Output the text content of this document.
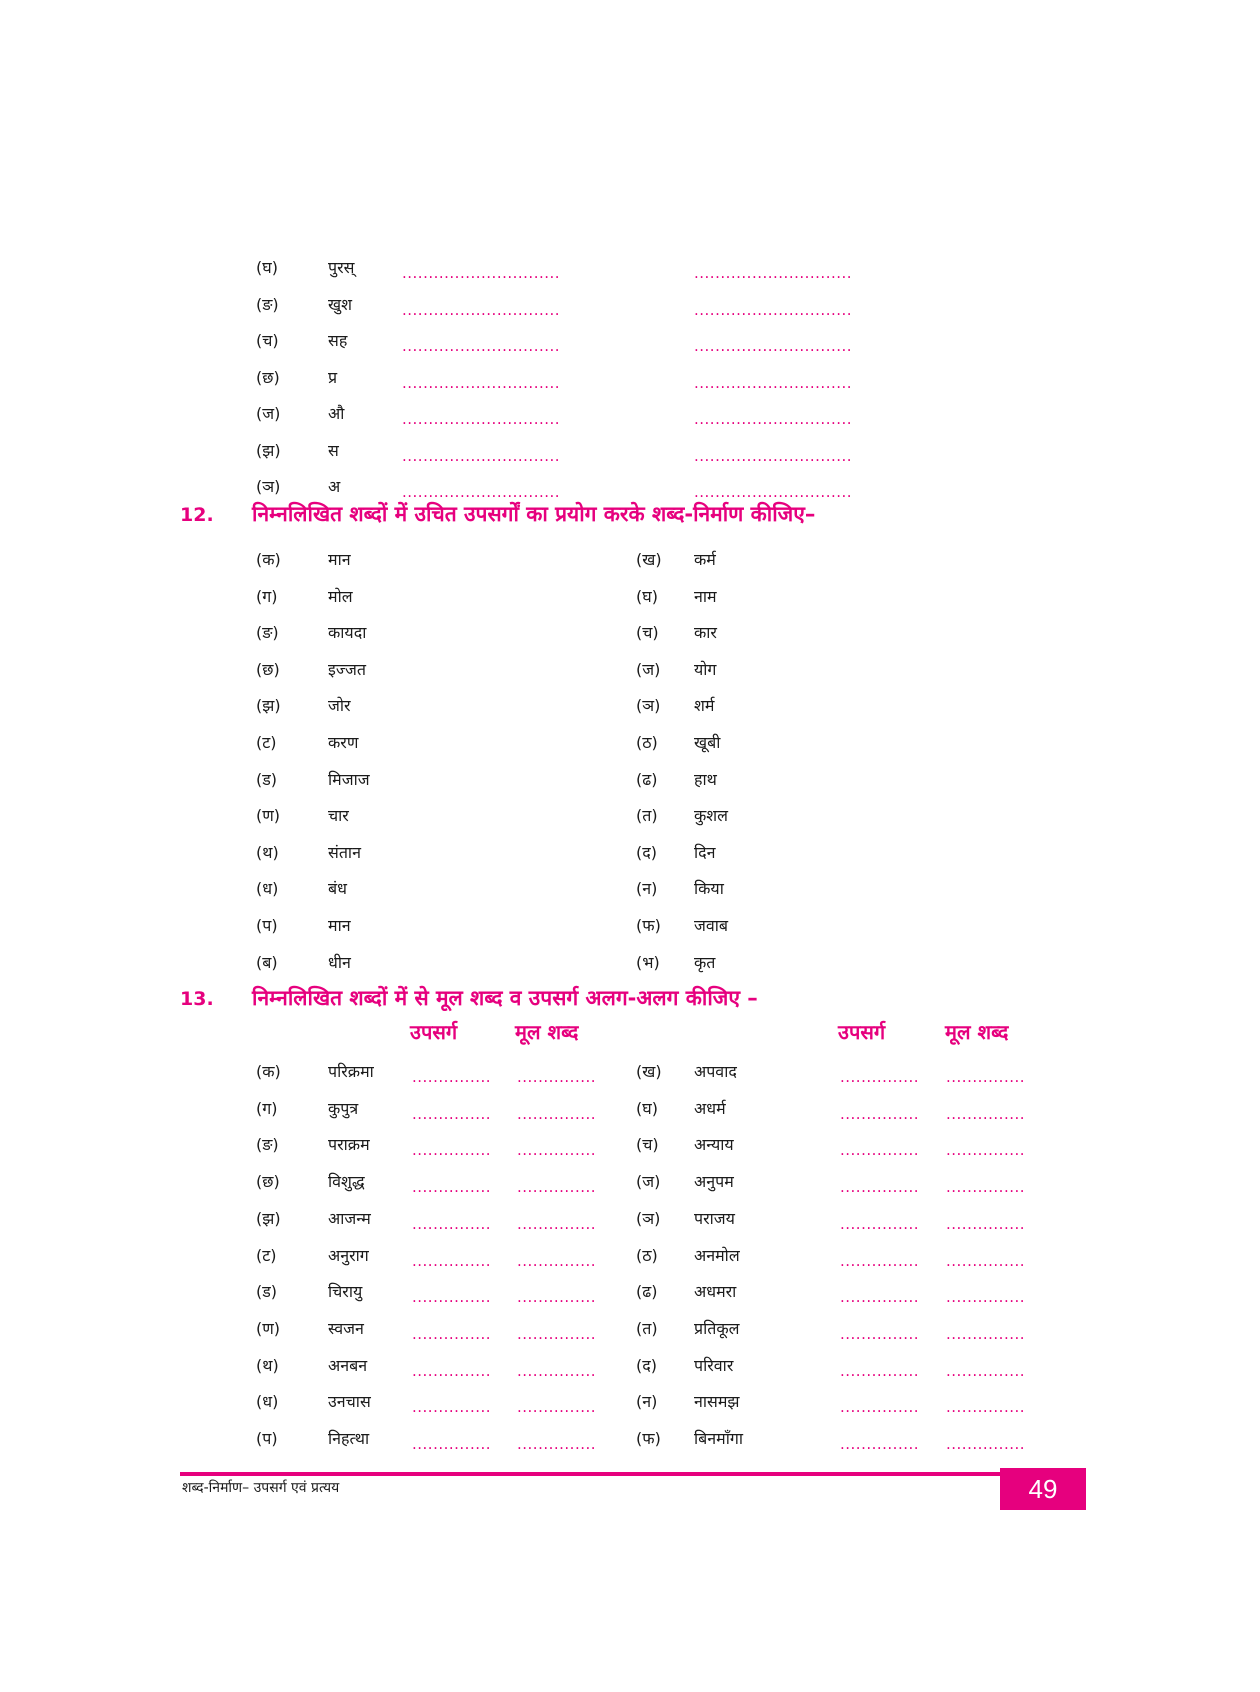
(घ)	पुरस्	..............................	..............................
(ङ)	खुश	..............................	..............................
(च)	सह	..............................	..............................
(छ)	प्र	..............................	..............................
(ज)	औ	..............................	..............................
(झ)	स	..............................	..............................
(ञ)	अ	..............................	..............................
12. निम्नलिखित शब्दों में उचित उपसर्गों का प्रयोग करके शब्द-निर्माण कीजिए–
(क)	मान	(ख) कर्म
(ग)	मोल	(घ) नाम
(ङ)	कायदा	(च) कार
(छ)	इज्जत	(ज) योग
(झ)	जोर	(ञ) शर्म
(ट)	करण	(ठ) खूबी
(ड)	मिजाज	(ढ) हाथ
(ण)	चार	(त) कुशल
(थ)	संतान	(द) दिन
(ध)	बंध	(न) किया
(प)	मान	(फ) जवाब
(ब)	धीन	(भ) कृत
13. निम्नलिखित शब्दों में से मूल शब्द व उपसर्ग अलग-अलग कीजिए –
उपसर्ग	मूल शब्द	उपसर्ग	मूल शब्द
(क)	परिक्रमा	............... ............... (ख) अपवाद	............... ...............
(ग)	कुपुत्र	............... ............... (घ) अधर्म	............... ...............
(ङ)	पराक्रम	............... ............... (च) अन्याय	............... ...............
(छ)	विशुद्ध	............... ............... (ज) अनुपम	............... ...............
(झ)	आजन्म	............... ............... (ञ) पराजय	............... ...............
(ट)	अनुराग	............... ............... (ठ) अनमोल	............... ...............
(ड)	चिरायु	............... ............... (ढ) अधमरा	............... ...............
(ण)	स्वजन	............... ............... (त) प्रतिकूल	............... ...............
(थ)	अनबन	............... ............... (द) परिवार	............... ...............
(ध)	उनचास	............... ............... (न) नासमझ	............... ...............
(प)	निहत्था	............... ............... (फ) बिनमाँगा	............... ...............
शब्द-निर्माण– उपसर्ग एवं प्रत्यय	49
